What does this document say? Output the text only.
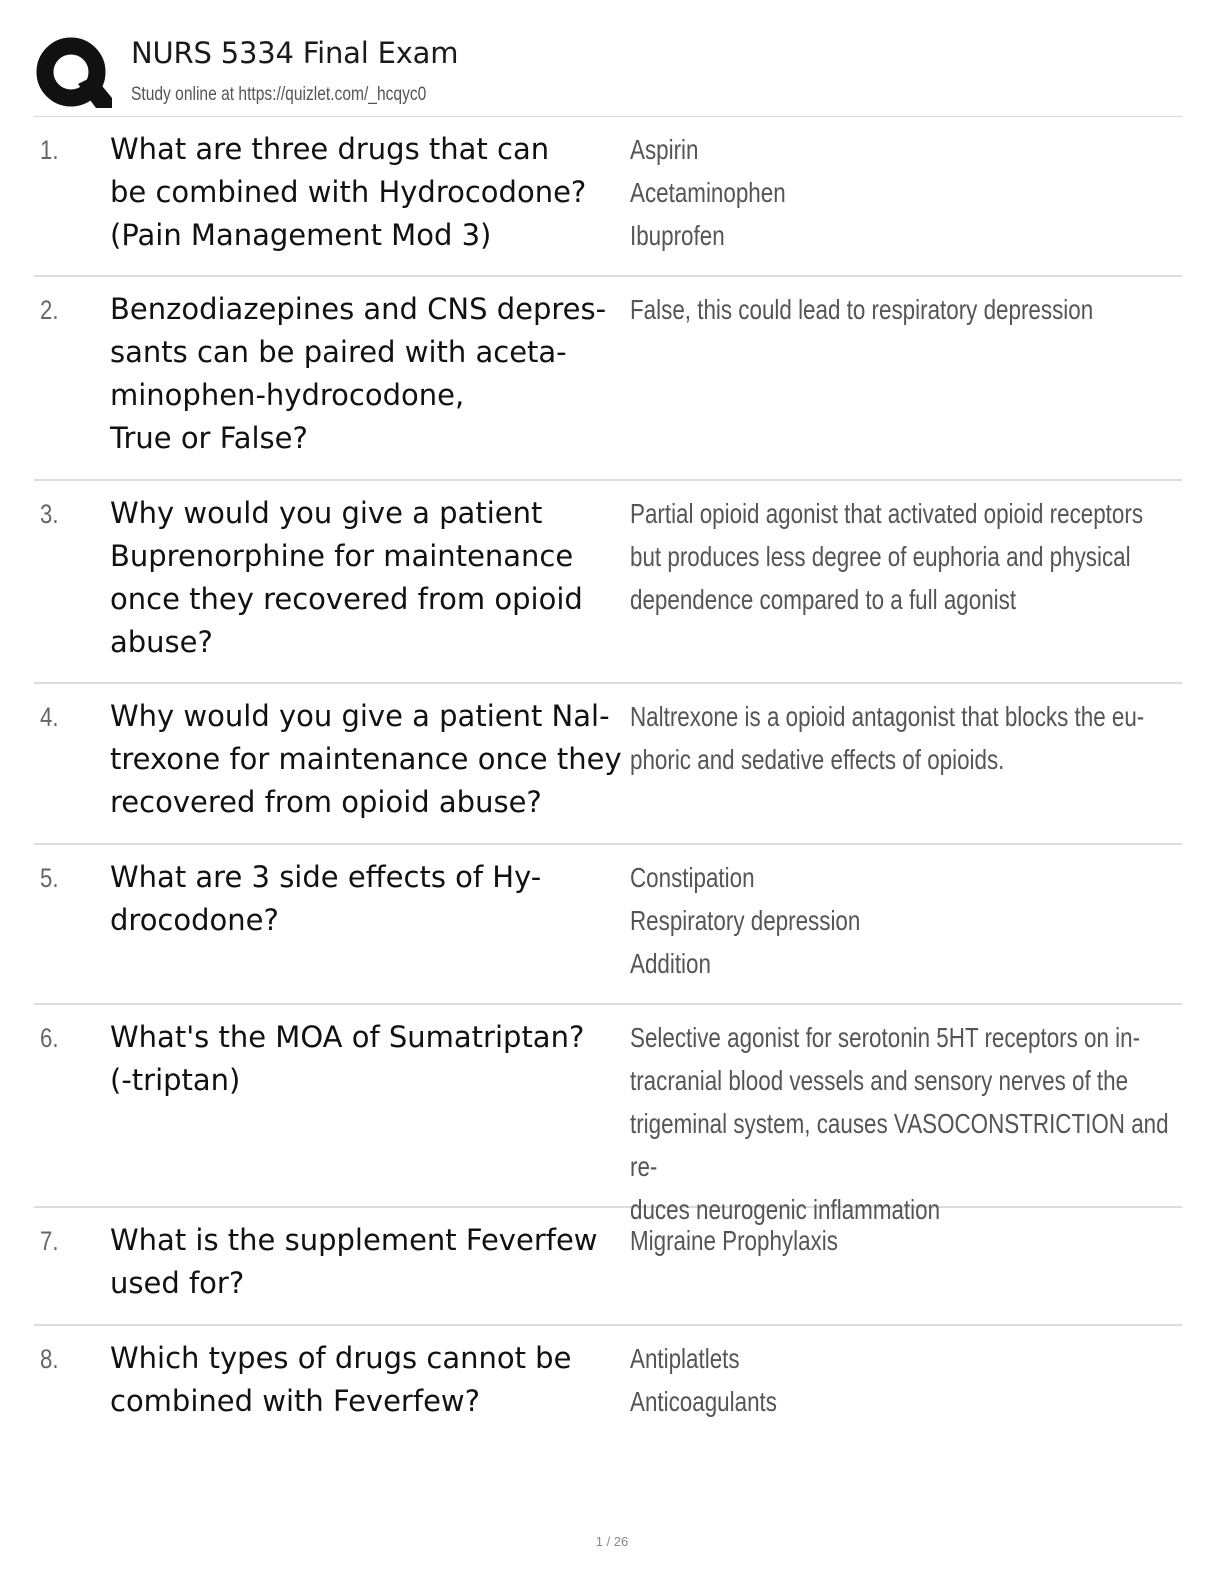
NURS 5334 Final Exam
Study online at https://quizlet.com/_hcqyc0
1. What are three drugs that can
be combined with Hydrocodone?
(Pain Management Mod 3)
Aspirin
Acetaminophen
Ibuprofen
2. Benzodiazepines and CNS depres-
sants can be paired with aceta-
minophen-hydrocodone,
True or False?
False, this could lead to respiratory depression
3. Why would you give a patient
Buprenorphine for maintenance
once they recovered from opioid
abuse?
Partial opioid agonist that activated opioid receptors
but produces less degree of euphoria and physical
dependence compared to a full agonist
4. Why would you give a patient Nal-
trexone for maintenance once they
recovered from opioid abuse?
Naltrexone is a opioid antagonist that blocks the eu-
phoric and sedative effects of opioids.
5. What are 3 side effects of Hy-
drocodone?
Constipation
Respiratory depression
Addition
6. What's the MOA of Sumatriptan?
(-triptan)
Selective agonist for serotonin 5HT receptors on in-
tracranial blood vessels and sensory nerves of the
trigeminal system, causes VASOCONSTRICTION and re-
duces neurogenic inflammation
7. What is the supplement Feverfew
used for?
Migraine Prophylaxis
8. Which types of drugs cannot be
combined with Feverfew?
Antiplatlets
Anticoagulants
1 / 26
